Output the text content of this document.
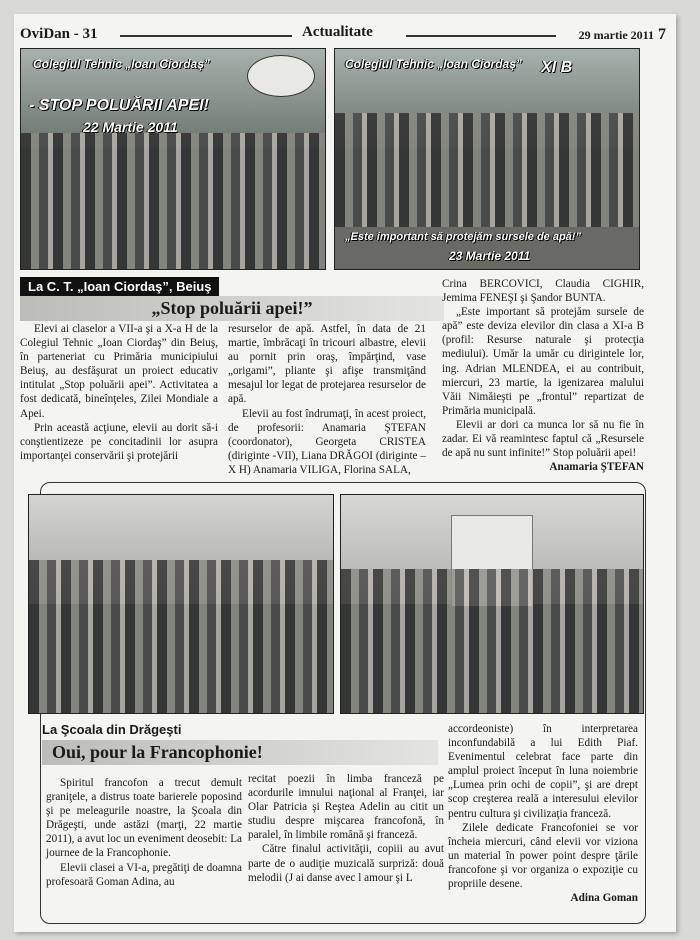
OviDan - 31	Actualitate	29 martie 2011 7
Colegiul Tehnic „Ioan Ciordaş”
- STOP POLUĂRII APEI!
22 Martie 2011
Colegiul Tehnic „Ioan Ciordaş” XI B
„Este important să protejăm sursele de apă!”
23 Martie 2011
La C. T. „Ioan Ciordaş”, Beiuş
„Stop poluării apei!”

Elevi ai claselor a VII-a şi a X-a H de la Colegiul Tehnic „Ioan Ciordaş” din Beiuş, în parteneriat cu Primăria municipiului Beiuş, au desfăşurat un proiect educativ intitulat „Stop poluării apei”. Activitatea a fost dedicată, bineînţeles, Zilei Mondiale a Apei.

Prin această acţiune, elevii au dorit să-i conştientizeze pe concitadinii lor asupra importanţei conservării şi protejării

resurselor de apă. Astfel, în data de 21 martie, îmbrăcaţi în tricouri albastre, elevii au pornit prin oraş, împărţind, vase „origami”, pliante şi afişe transmiţând mesajul lor legat de protejarea resurselor de apă.

Elevii au fost îndrumaţi, în acest proiect, de profesorii: Anamaria ŞTEFAN (coordonator), Georgeta CRISTEA (diriginte -VII), Liana DRĂGOI (diriginte –X H) Anamaria VILIGA, Florina SALA,

Crina BERCOVICI, Claudia CIGHIR, Jemima FENEŞI şi Şandor BUNTA.

„Este important să protejăm sursele de apă” este deviza elevilor din clasa a XI-a B (profil: Resurse naturale şi protecţia mediului). Umăr la umăr cu dirigintele lor, ing. Adrian MLENDEA, ei au contribuit, miercuri, 23 martie, la igenizarea malului Văii Nimăieşti pe „frontul” repartizat de Primăria municipală.

Elevii ar dori ca munca lor să nu fie în zadar. Ei vă reamintesc faptul că „Resursele de apă nu sunt infinite!” Stop poluării apei!

Anamaria ŞTEFAN
La Şcoala din Drăgeşti
Oui, pour la Francophonie!

Spiritul francofon a trecut demult graniţele, a distrus toate barierele poposind şi pe meleagurile noastre, la Şcoala din Drăgeşti, unde astăzi (marţi, 22 martie 2011), a avut loc un eveniment deosebit: La journee de la Francophonie.

Elevii clasei a VI-a, pregătiţi de doamna profesoară Goman Adina, au

recitat poezii în limba franceză pe acordurile imnului naţional al Franţei, iar Olar Patricia şi Reştea Adelin au citit un studiu despre mişcarea francofonă, în paralel, în limbile română şi franceză.

Către finalul activităţii, copiii au avut parte de o audiţie muzicală surpriză: două melodii (J ai danse avec l amour şi L

accordeoniste) în interpretarea inconfundabilă a lui Edith Piaf. Evenimentul celebrat face parte din amplul proiect început în luna noiembrie „Lumea prin ochi de copii”, şi are drept scop creşterea reală a interesului elevilor pentru cultura şi civilizaţia franceză.

Zilele dedicate Francofoniei se vor încheia miercuri, când elevii vor viziona un material în power point despre ţările francofone şi vor organiza o expoziţie cu propriile desene.

Adina Goman
